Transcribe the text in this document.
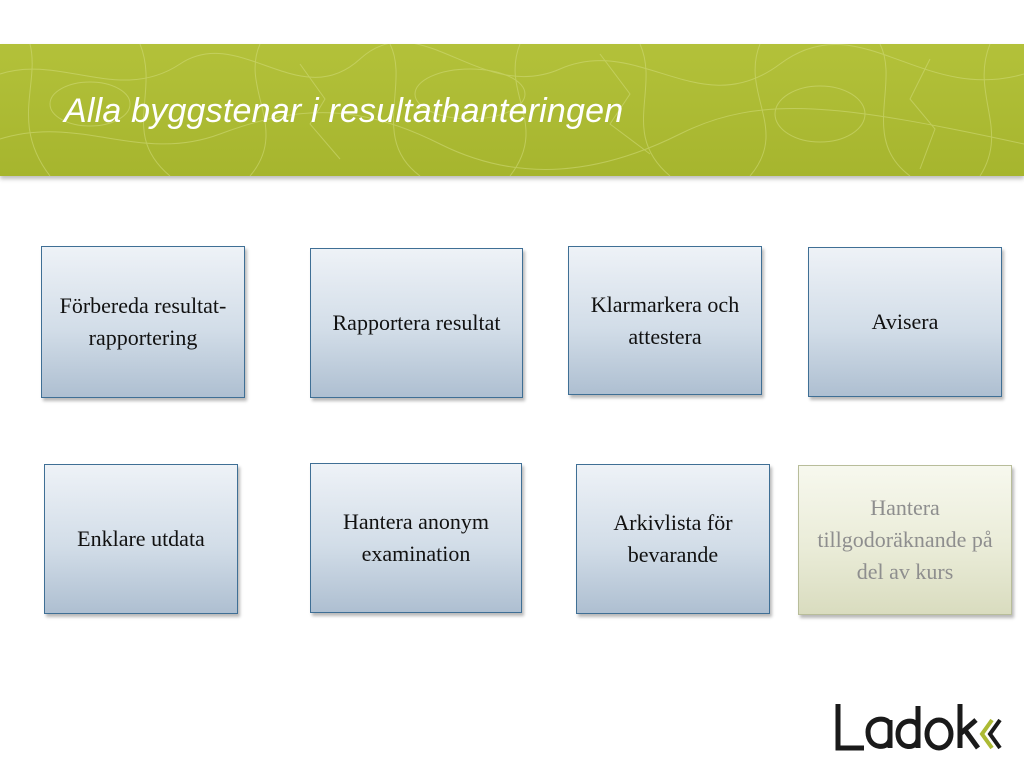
Alla byggstenar i resultathanteringen
Förbereda resultat-rapportering
Rapportera resultat
Klarmarkera och attestera
Avisera
Enklare utdata
Hantera anonym examination
Arkivlista för bevarande
Hantera tillgodoräknande på del av kurs
